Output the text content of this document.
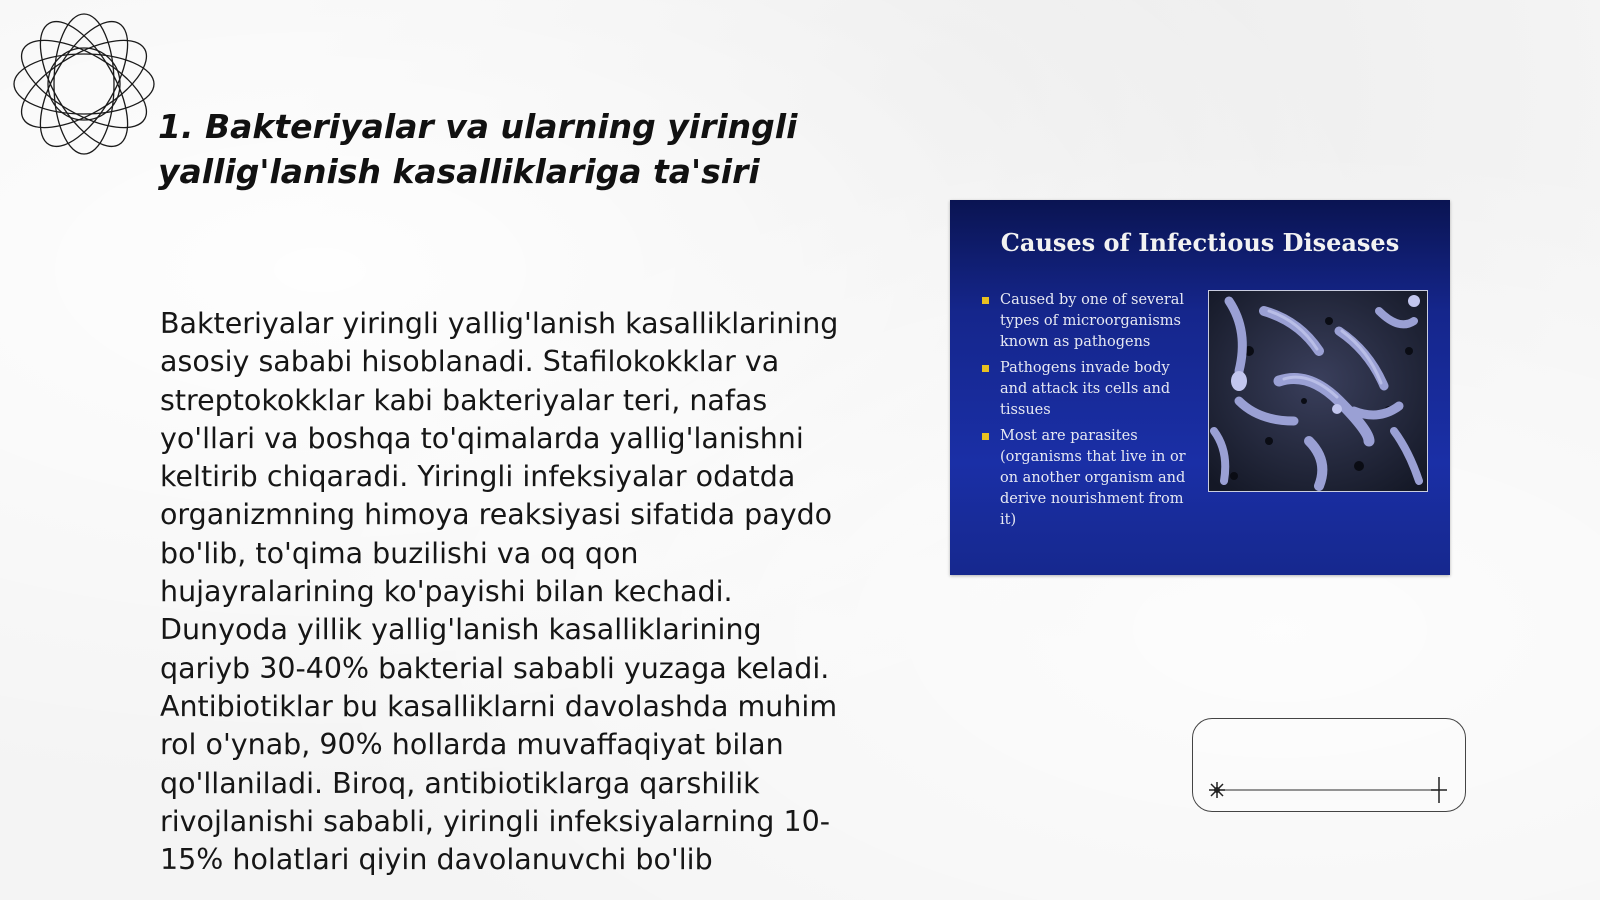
1. Bakteriyalar va ularning yiringli yallig'lanish kasalliklariga ta'siri

Bakteriyalar yiringli yallig'lanish kasalliklarining asosiy sababi hisoblanadi. Stafilokokklar va streptokokklar kabi bakteriyalar teri, nafas yo'llari va boshqa to'qimalarda yallig'lanishni keltirib chiqaradi. Yiringli infeksiyalar odatda organizmning himoya reaksiyasi sifatida paydo bo'lib, to'qima buzilishi va oq qon hujayralarining ko'payishi bilan kechadi. Dunyoda yillik yallig'lanish kasalliklarining qariyb 30-40% bakterial sababli yuzaga keladi. Antibiotiklar bu kasalliklarni davolashda muhim rol o'ynab, 90% hollarda muvaffaqiyat bilan qo'llaniladi. Biroq, antibiotiklarga qarshilik rivojlanishi sababli, yiringli infeksiyalarning 10-15% holatlari qiyin davolanuvchi bo'lib

Causes of Infectious Diseases
Caused by one of several types of microorganisms known as pathogens
Pathogens invade body and attack its cells and tissues
Most are parasites (organisms that live in or on another organism and derive nourishment from it)
